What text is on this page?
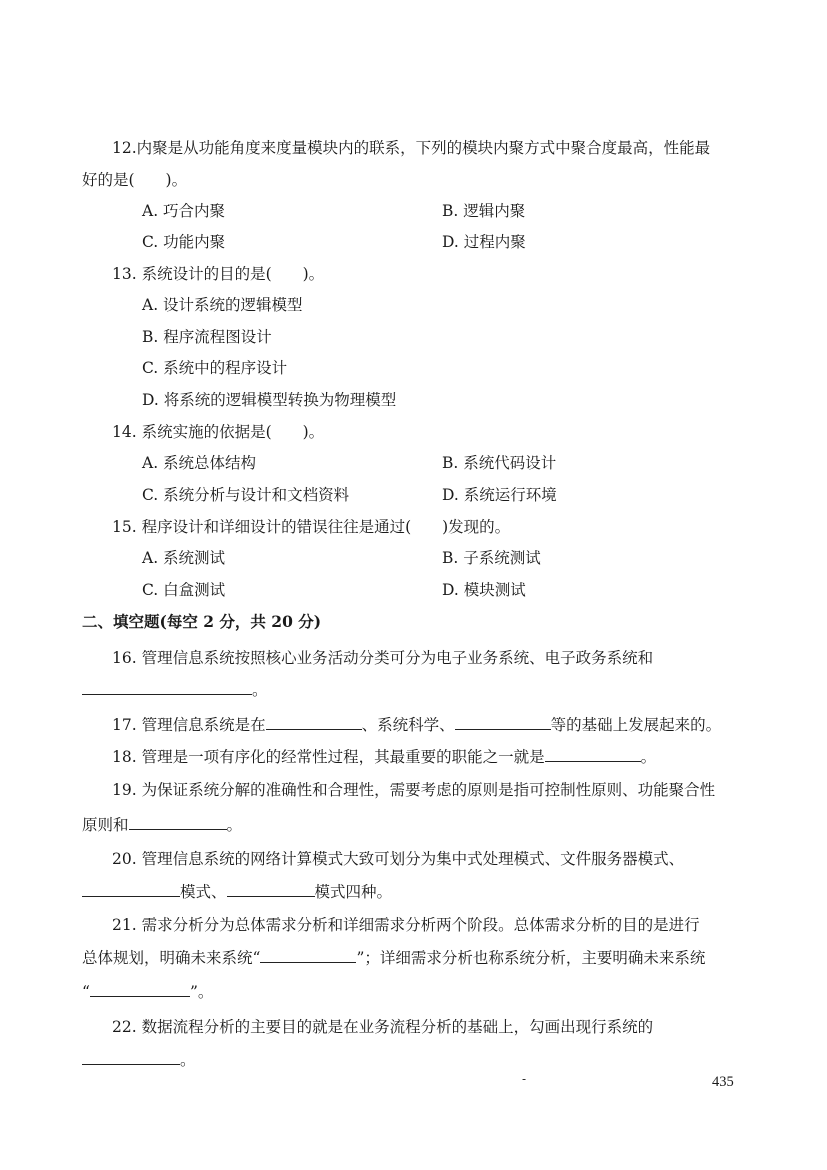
12.内聚是从功能角度来度量模块内的联系，下列的模块内聚方式中聚合度最高，性能最
好的是(　　)。
A. 巧合内聚	B. 逻辑内聚
C. 功能内聚	D. 过程内聚
13. 系统设计的目的是(　　)。
A. 设计系统的逻辑模型
B. 程序流程图设计
C. 系统中的程序设计
D. 将系统的逻辑模型转换为物理模型
14. 系统实施的依据是(　　)。
A. 系统总体结构	B. 系统代码设计
C. 系统分析与设计和文档资料	D. 系统运行环境
15. 程序设计和详细设计的错误往往是通过(　　)发现的。
A. 系统测试	B. 子系统测试
C. 白盒测试	D. 模块测试
二、填空题(每空 2 分，共 20 分)
16. 管理信息系统按照核心业务活动分类可分为电子业务系统、电子政务系统和
。
17. 管理信息系统是在	、系统科学、	等的基础上发展起来的。
18. 管理是一项有序化的经常性过程，其最重要的职能之一就是	。
19. 为保证系统分解的准确性和合理性，需要考虑的原则是指可控制性原则、功能聚合性
原则和	。
20. 管理信息系统的网络计算模式大致可划分为集中式处理模式、文件服务器模式、
模式、	模式四种。
21. 需求分析分为总体需求分析和详细需求分析两个阶段。总体需求分析的目的是进行
总体规划，明确未来系统“	”；详细需求分析也称系统分析，主要明确未来系统
“	”。
22. 数据流程分析的主要目的就是在业务流程分析的基础上，勾画出现行系统的
。
-	435
